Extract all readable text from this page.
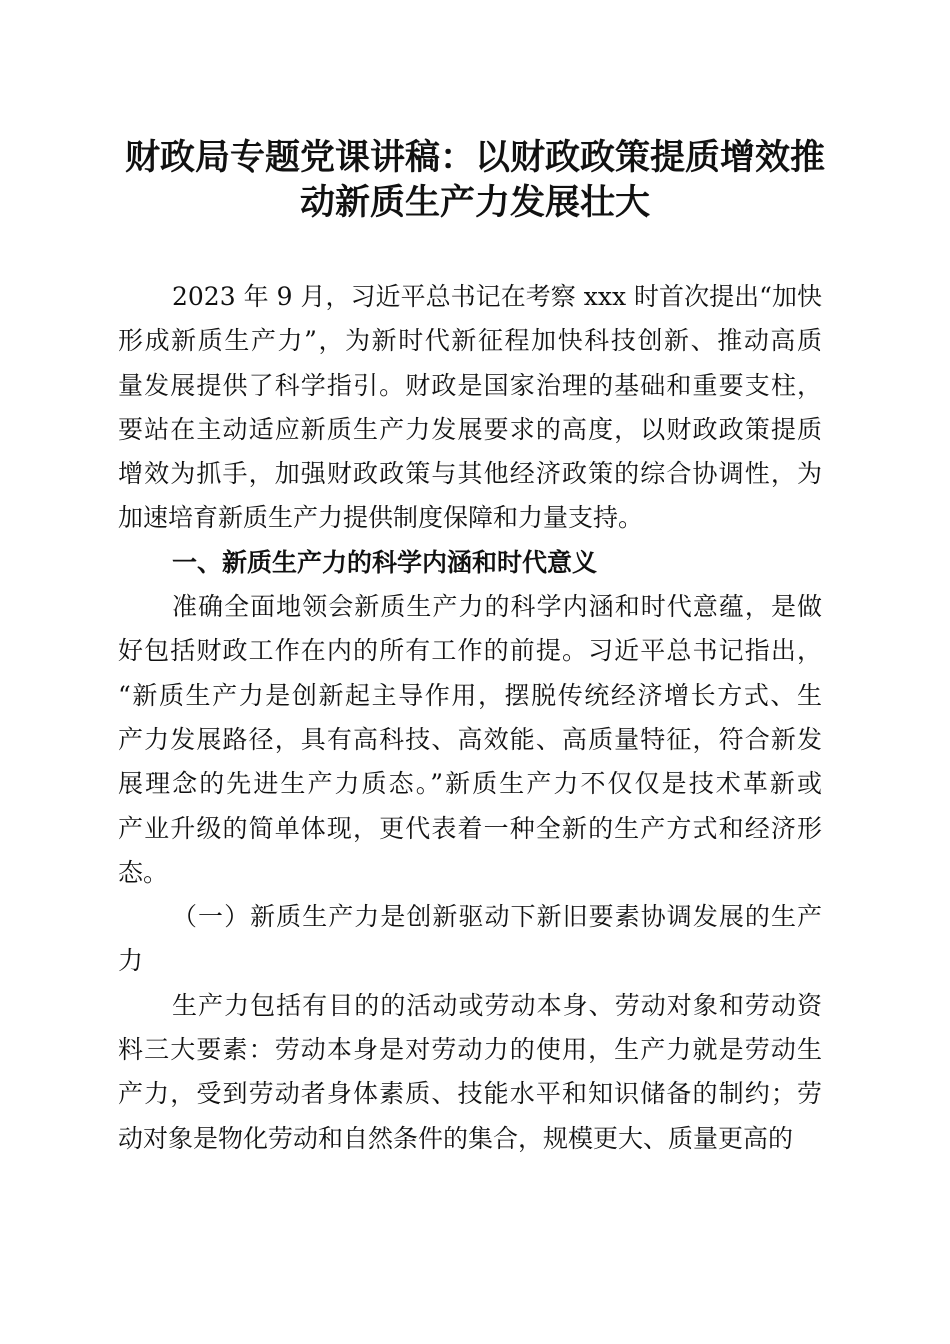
财政局专题党课讲稿：以财政政策提质增效推
动新质生产力发展壮大
2023 年 9 月，习近平总书记在考察 xxx 时首次提出“加快
形成新质生产力”，为新时代新征程加快科技创新、推动高质
量发展提供了科学指引。财政是国家治理的基础和重要支柱，
要站在主动适应新质生产力发展要求的高度，以财政政策提质
增效为抓手，加强财政政策与其他经济政策的综合协调性，为
加速培育新质生产力提供制度保障和力量支持。
一、新质生产力的科学内涵和时代意义
准确全面地领会新质生产力的科学内涵和时代意蕴，是做
好包括财政工作在内的所有工作的前提。习近平总书记指出，
“新质生产力是创新起主导作用，摆脱传统经济增长方式、生
产力发展路径，具有高科技、高效能、高质量特征，符合新发
展理念的先进生产力质态。”新质生产力不仅仅是技术革新或
产业升级的简单体现，更代表着一种全新的生产方式和经济形
态。
（一）新质生产力是创新驱动下新旧要素协调发展的生产
力
生产力包括有目的的活动或劳动本身、劳动对象和劳动资
料三大要素：劳动本身是对劳动力的使用，生产力就是劳动生
产力，受到劳动者身体素质、技能水平和知识储备的制约；劳
动对象是物化劳动和自然条件的集合，规模更大、质量更高的
